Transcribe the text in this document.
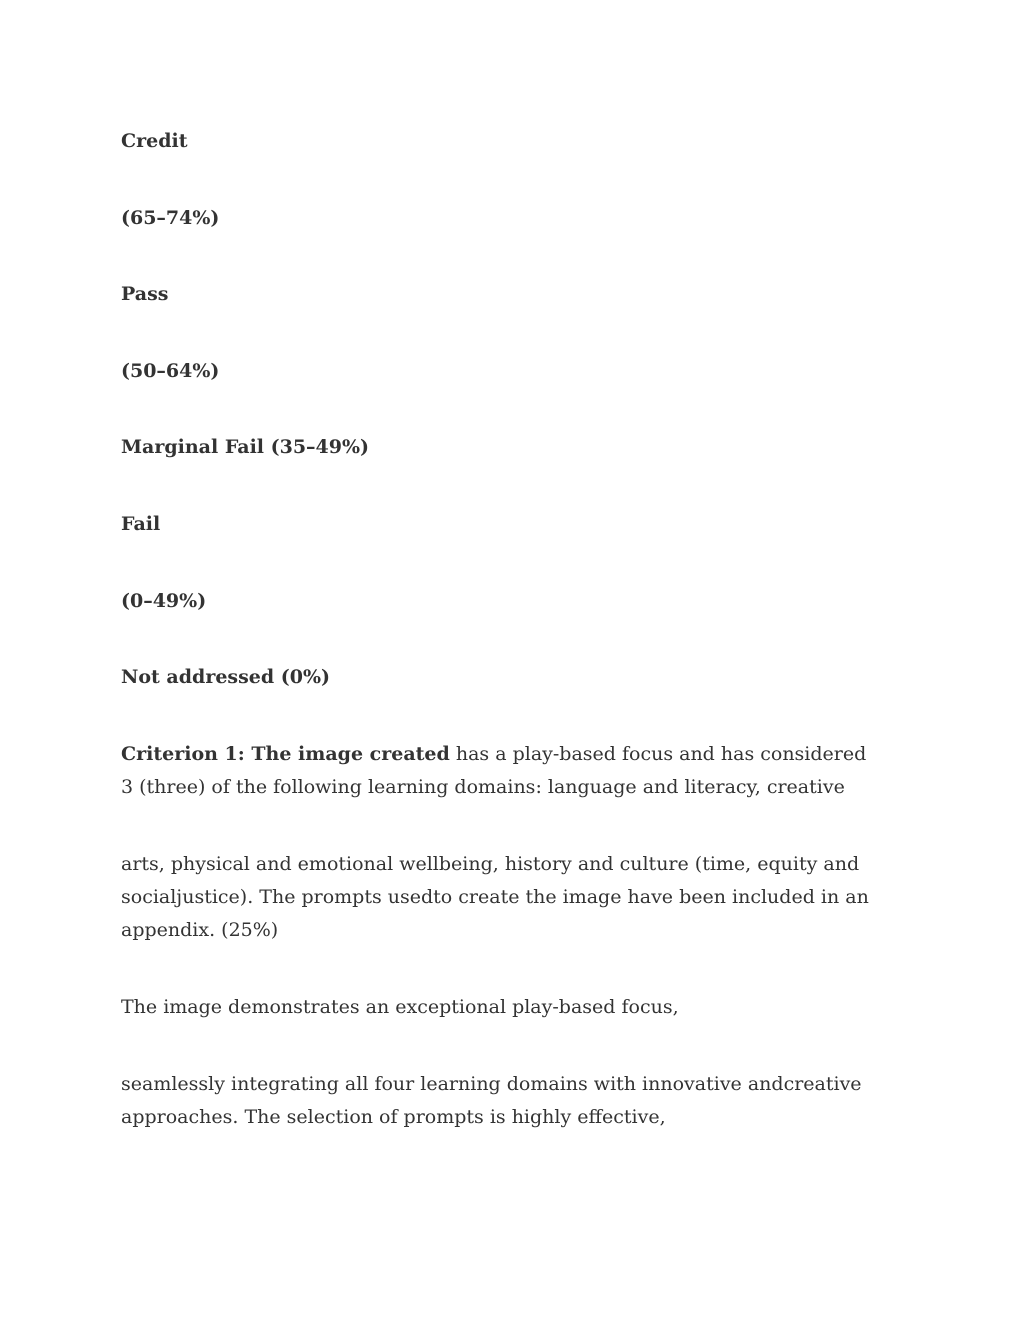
Credit
(65–74%)
Pass
(50–64%)
Marginal Fail (35–49%)
Fail
(0–49%)
Not addressed (0%)
Criterion 1: The image created has a play-based focus and has considered 3 (three) of the following learning domains: language and literacy, creative
arts, physical and emotional wellbeing, history and culture (time, equity and socialjustice). The prompts usedto create the image have been included in an appendix. (25%)
The image demonstrates an exceptional play-based focus,
seamlessly integrating all four learning domains with innovative andcreative approaches. The selection of prompts is highly effective,
